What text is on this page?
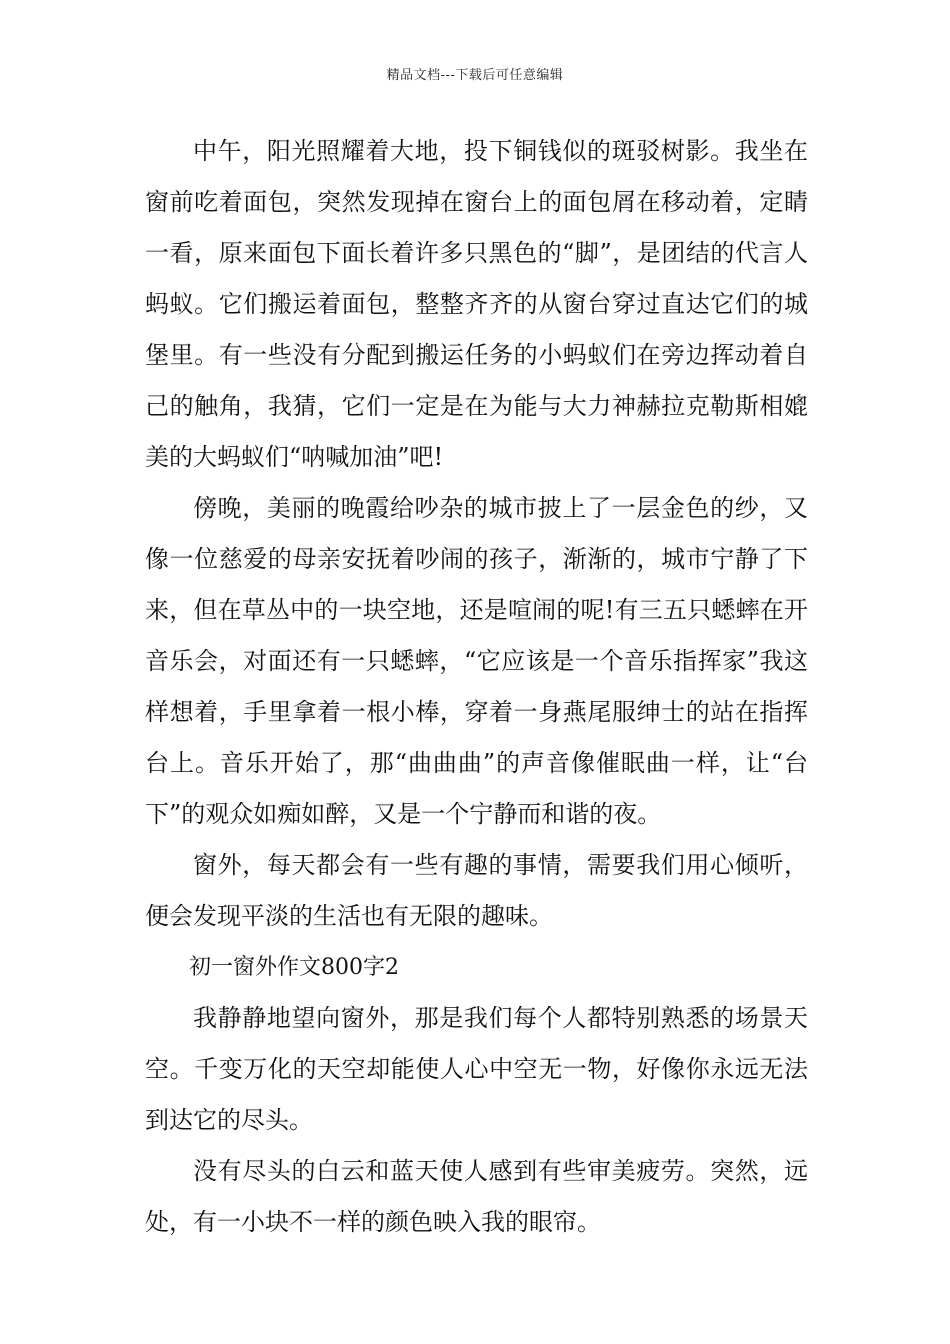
精品文档---下载后可任意编辑

中午，阳光照耀着大地，投下铜钱似的斑驳树影。我坐在窗前吃着面包，突然发现掉在窗台上的面包屑在移动着，定睛一看，原来面包下面长着许多只黑色的“脚”，是团结的代言人蚂蚁。它们搬运着面包，整整齐齐的从窗台穿过直达它们的城堡里。有一些没有分配到搬运任务的小蚂蚁们在旁边挥动着自己的触角，我猜，它们一定是在为能与大力神赫拉克勒斯相媲美的大蚂蚁们“呐喊加油”吧!

傍晚，美丽的晚霞给吵杂的城市披上了一层金色的纱，又像一位慈爱的母亲安抚着吵闹的孩子，渐渐的，城市宁静了下来，但在草丛中的一块空地，还是喧闹的呢!有三五只蟋蟀在开音乐会，对面还有一只蟋蟀，“它应该是一个音乐指挥家”我这样想着，手里拿着一根小棒，穿着一身燕尾服绅士的站在指挥台上。音乐开始了，那“曲曲曲”的声音像催眠曲一样，让“台下”的观众如痴如醉，又是一个宁静而和谐的夜。

窗外，每天都会有一些有趣的事情，需要我们用心倾听，便会发现平淡的生活也有无限的趣味。

初一窗外作文800字2

我静静地望向窗外，那是我们每个人都特别熟悉的场景天空。千变万化的天空却能使人心中空无一物，好像你永远无法到达它的尽头。

没有尽头的白云和蓝天使人感到有些审美疲劳。突然，远处，有一小块不一样的颜色映入我的眼帘。
